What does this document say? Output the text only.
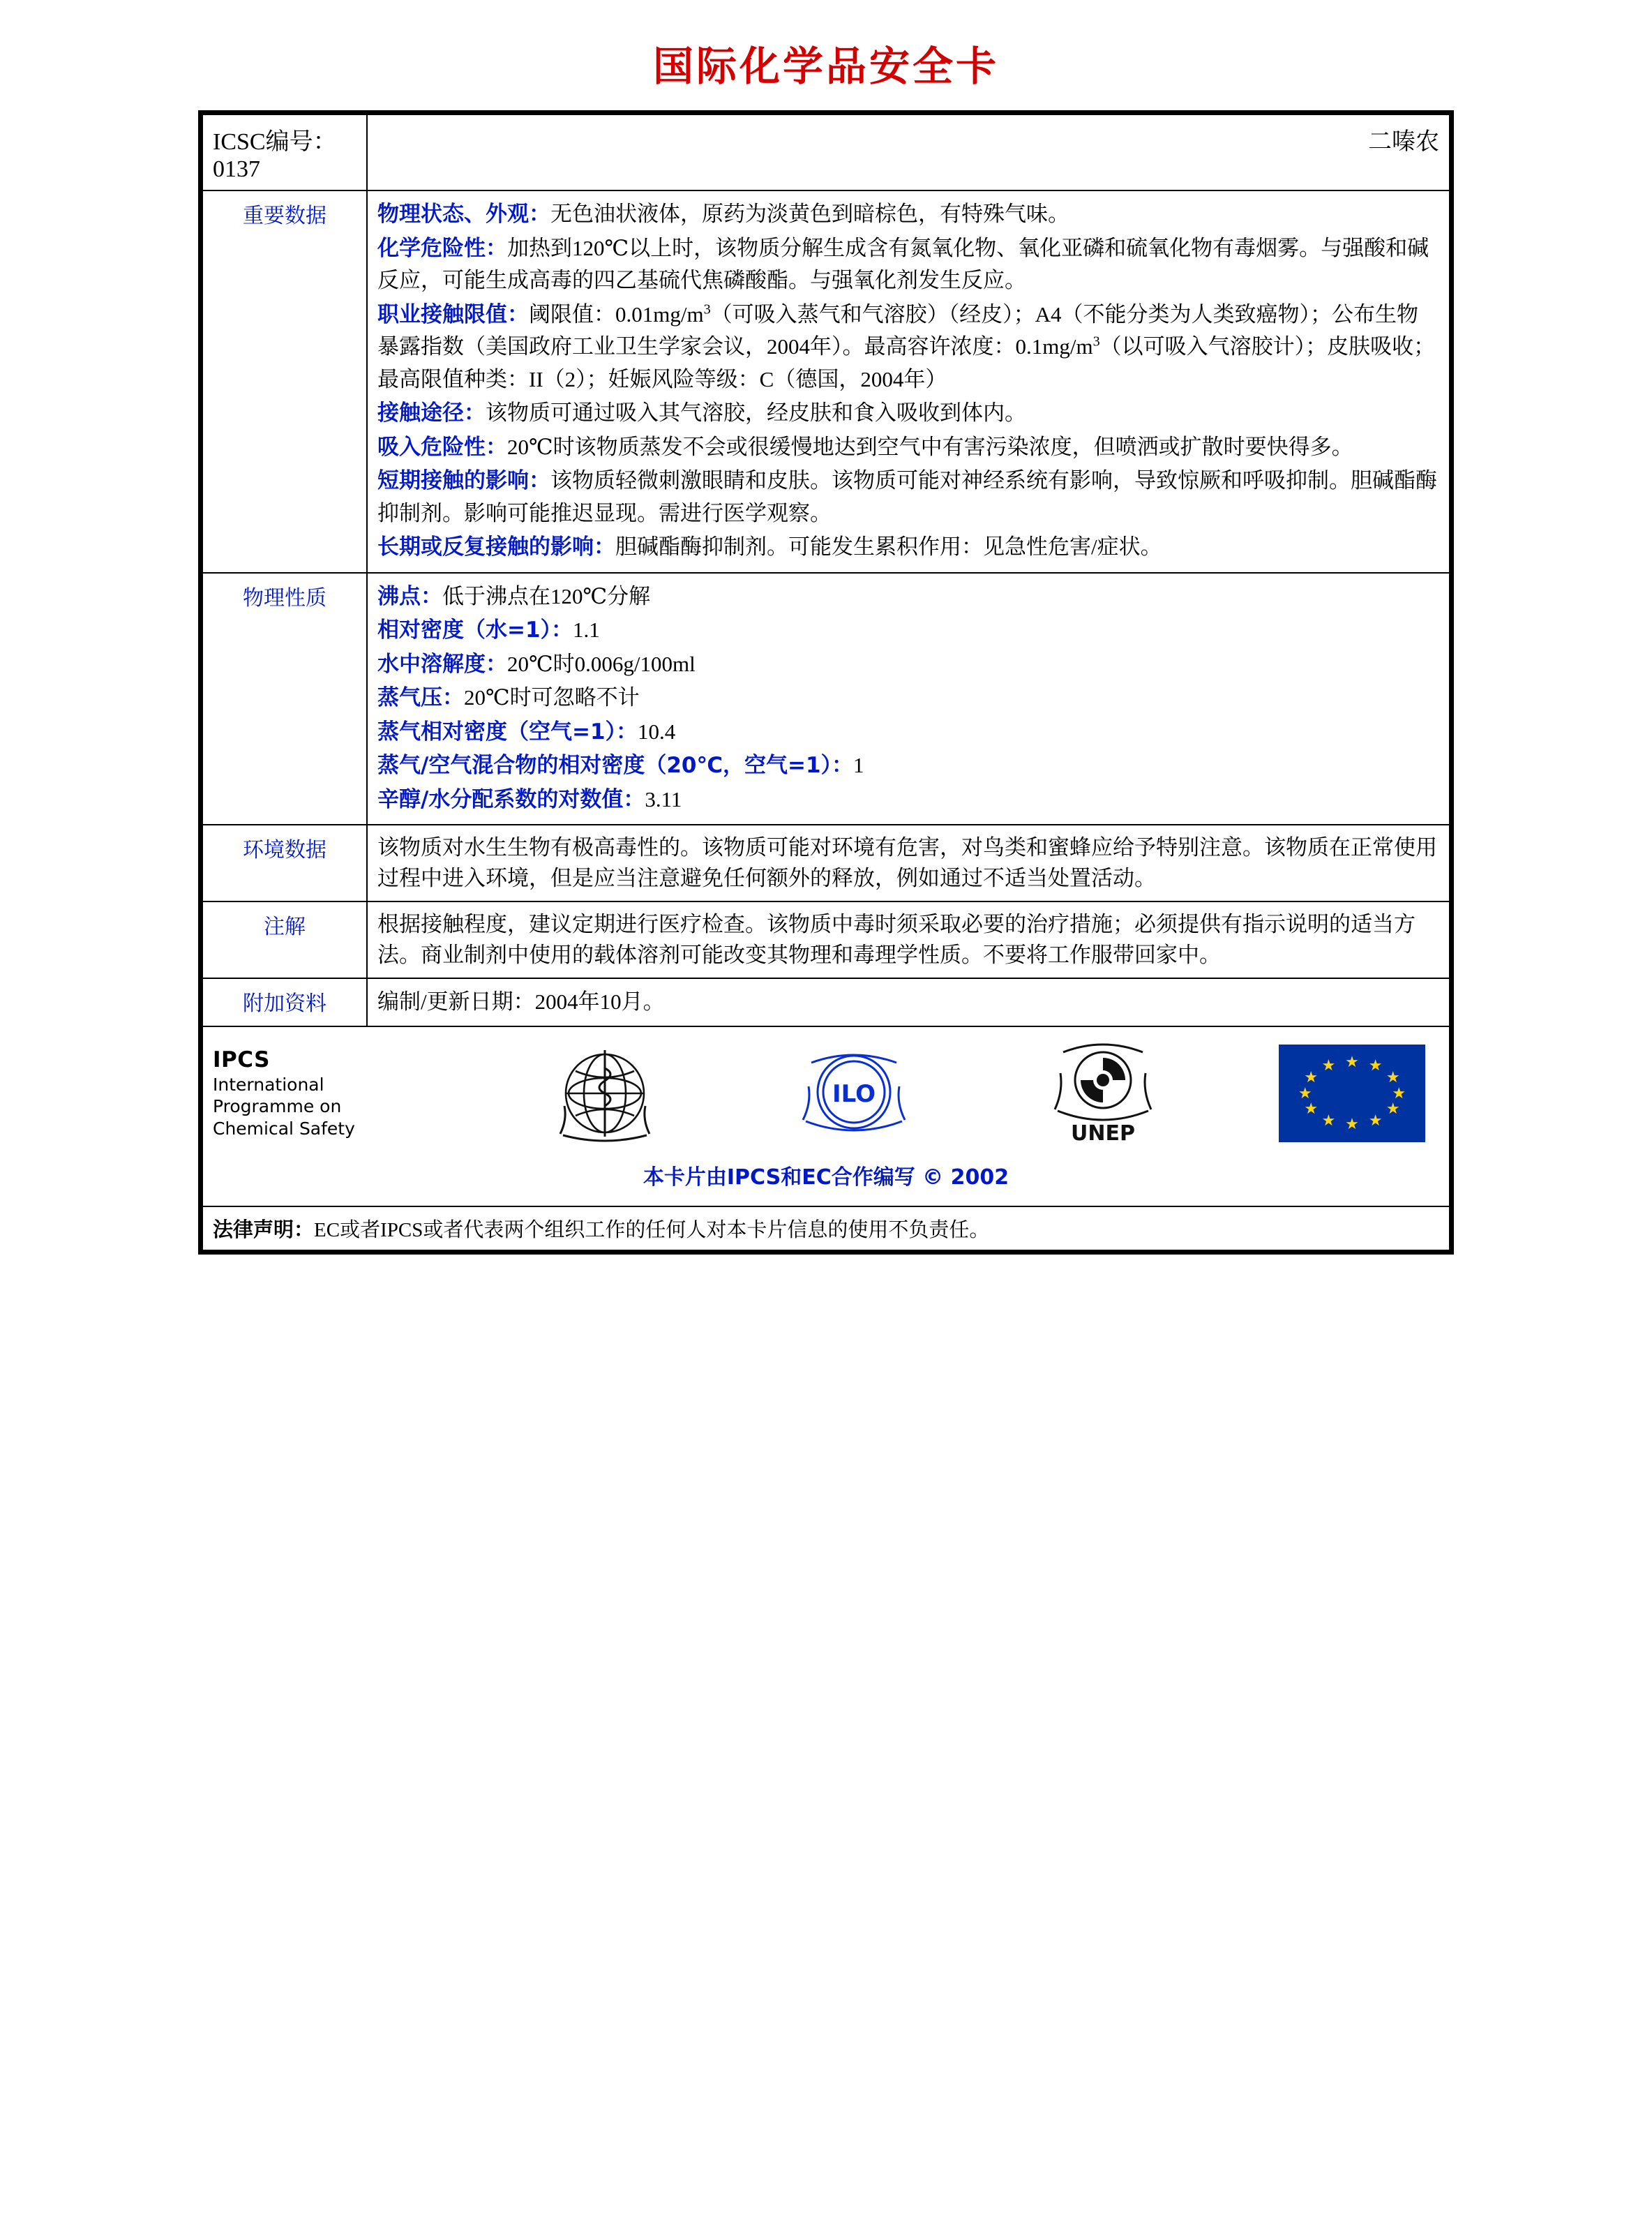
国际化学品安全卡
ICSC编号：0137	二嗪农
重要数据	物理状态、外观：无色油状液体，原药为淡黄色到暗棕色，有特殊气味。

化学危险性：加热到120℃以上时，该物质分解生成含有氮氧化物、氧化亚磷和硫氧化物有毒烟雾。与强酸和碱反应，可能生成高毒的四乙基硫代焦磷酸酯。与强氧化剂发生反应。

职业接触限值：阈限值：$0.01mg/m^3$（可吸入蒸气和气溶胶）（经皮）；A4（不能分类为人类致癌物）；公布生物暴露指数（美国政府工业卫生学家会议，2004年）。最高容许浓度：$0.1mg/m^3$（以可吸入气溶胶计）；皮肤吸收；最高限值种类：II（2）；妊娠风险等级：C（德国，2004年）

接触途径：该物质可通过吸入其气溶胶，经皮肤和食入吸收到体内。

吸入危险性：20℃时该物质蒸发不会或很缓慢地达到空气中有害污染浓度，但喷洒或扩散时要快得多。

短期接触的影响：该物质轻微刺激眼睛和皮肤。该物质可能对神经系统有影响，导致惊厥和呼吸抑制。胆碱酯酶抑制剂。影响可能推迟显现。需进行医学观察。

长期或反复接触的影响：胆碱酯酶抑制剂。可能发生累积作用：见急性危害/症状。

物理性质	沸点：低于沸点在120℃分解

相对密度（水=1）：1.1

水中溶解度：20℃时0.006g/100ml

蒸气压：20℃时可忽略不计

蒸气相对密度（空气=1）：10.4

蒸气/空气混合物的相对密度（20℃，空气=1）：1

辛醇/水分配系数的对数值：3.11

环境数据	该物质对水生生物有极高毒性的。该物质可能对环境有危害，对鸟类和蜜蜂应给予特别注意。该物质在正常使用过程中进入环境，但是应当注意避免任何额外的释放，例如通过不适当处置活动。
注解	根据接触程度，建议定期进行医疗检查。该物质中毒时须采取必要的治疗措施；必须提供有指示说明的适当方法。商业制剂中使用的载体溶剂可能改变其物理和毒理学性质。不要将工作服带回家中。
附加资料	编制/更新日期：2004年10月。

IPCS
International
Programme on
Chemical Safety
ILO
UNEP
★ ★
★
★
★
★
★
★
★
★
★
★
本卡片由IPCS和EC合作编写 © 2002

法律声明：EC或者IPCS或者代表两个组织工作的任何人对本卡片信息的使用不负责任。	
